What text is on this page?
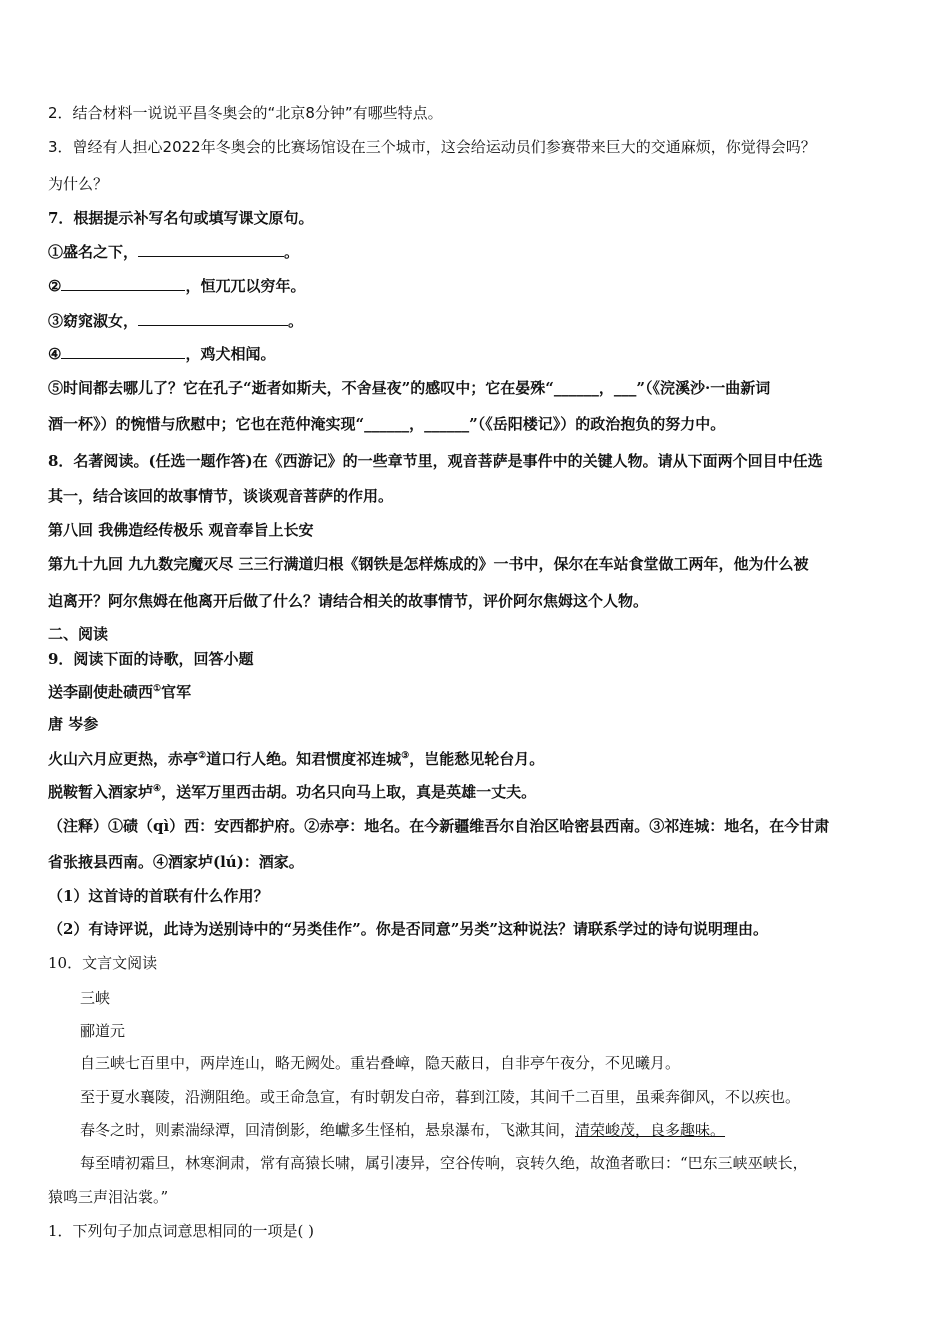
2．结合材料一说说平昌冬奥会的“北京8分钟”有哪些特点。
3．曾经有人担心2022年冬奥会的比赛场馆设在三个城市，这会给运动员们参赛带来巨大的交通麻烦，你觉得会吗？
为什么？
7．根据提示补写名句或填写课文原句。
①盛名之下，	。
②	，恒兀兀以穷年。
③窈窕淑女，	。
④	，鸡犬相闻。
⑤时间都去哪儿了？它在孔子“逝者如斯夫，不舍昼夜”的感叹中；它在晏殊“______，___”（《浣溪沙·一曲新词
酒一杯》）的惋惜与欣慰中；它也在范仲淹实现“______，______”（《岳阳楼记》）的政治抱负的努力中。
8．名著阅读。(任选一题作答)在《西游记》的一些章节里，观音菩萨是事件中的关键人物。请从下面两个回目中任选
其一，结合该回的故事情节，谈谈观音菩萨的作用。
第八回 我佛造经传极乐 观音奉旨上长安
第九十九回 九九数完魔灭尽 三三行满道归根《钢铁是怎样炼成的》一书中，保尔在车站食堂做工两年，他为什么被
迫离开？阿尔焦姆在他离开后做了什么？请结合相关的故事情节，评价阿尔焦姆这个人物。
二、阅读
9．阅读下面的诗歌，回答小题
送李副使赴碛西①官军
唐 岑参
火山六月应更热，赤亭②道口行人绝。知君惯度祁连城③，岂能愁见轮台月。
脱鞍暂入酒家垆④，送军万里西击胡。功名只向马上取，真是英雄一丈夫。
（注释）①碛（qì）西：安西都护府。②赤亭：地名。在今新疆维吾尔自治区哈密县西南。③祁连城：地名，在今甘肃
省张掖县西南。④酒家垆(lú)：酒家。
（1）这首诗的首联有什么作用？
（2）有诗评说，此诗为送别诗中的“另类佳作”。你是否同意”另类”这种说法？请联系学过的诗句说明理由。
10．文言文阅读
三峡
郦道元
自三峡七百里中，两岸连山，略无阙处。重岩叠嶂，隐天蔽日，自非亭午夜分，不见曦月。
至于夏水襄陵，沿溯阻绝。或王命急宣，有时朝发白帝，暮到江陵，其间千二百里，虽乘奔御风，不以疾也。
春冬之时，则素湍绿潭，回清倒影，绝巘多生怪柏，悬泉瀑布，飞漱其间，清荣峻茂，良多趣味。
每至晴初霜旦，林寒涧肃，常有高猿长啸，属引凄异，空谷传响，哀转久绝，故渔者歌曰：“巴东三峡巫峡长，
猿鸣三声泪沾裳。”
1．下列句子加点词意思相同的一项是( )
